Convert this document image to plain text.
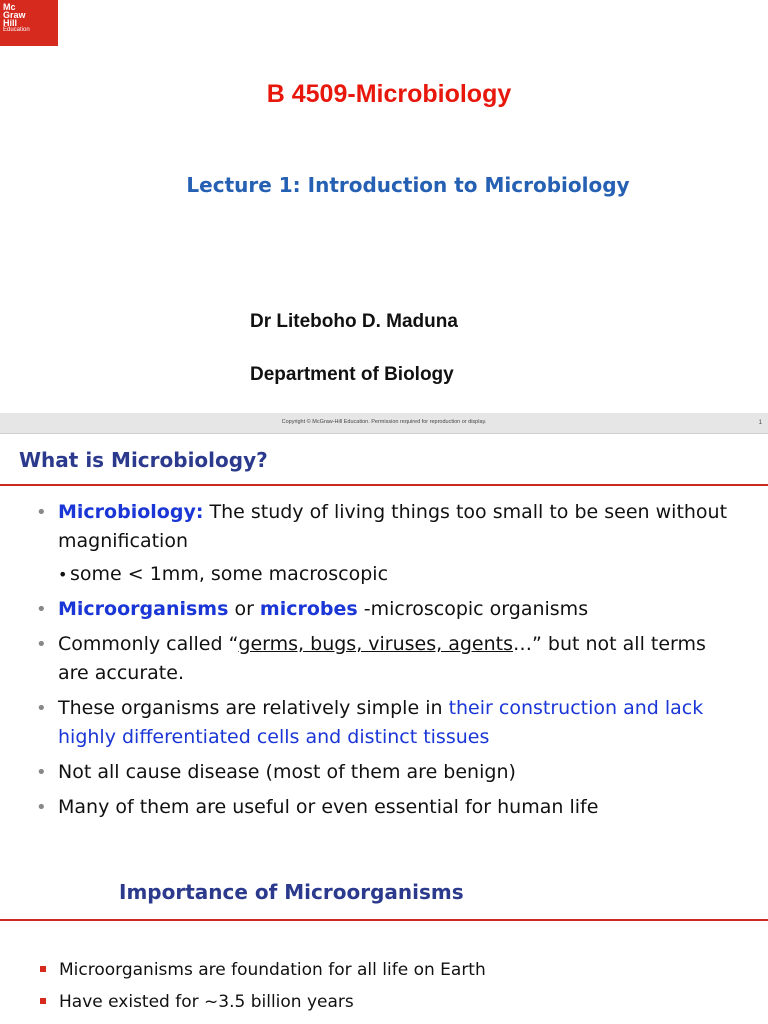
Mc
Graw
Hill
Education
B 4509-Microbiology
Lecture 1: Introduction to Microbiology
Dr Liteboho D. Maduna
Department of Biology
Copyright © McGraw-Hill Education. Permission required for reproduction or display.	1
What is Microbiology?
• Microbiology: The study of living things too small to be seen without magnification
• some < 1mm, some macroscopic
• Microorganisms or microbes -microscopic organisms
• Commonly called “germs, bugs, viruses, agents…” but not all terms are accurate.
• These organisms are relatively simple in their construction and lack highly differentiated cells and distinct tissues
• Not all cause disease (most of them are benign)
• Many of them are useful or even essential for human life
Importance of Microorganisms
Microorganisms are foundation for all life on Earth
Have existed for ~3.5 billion years
